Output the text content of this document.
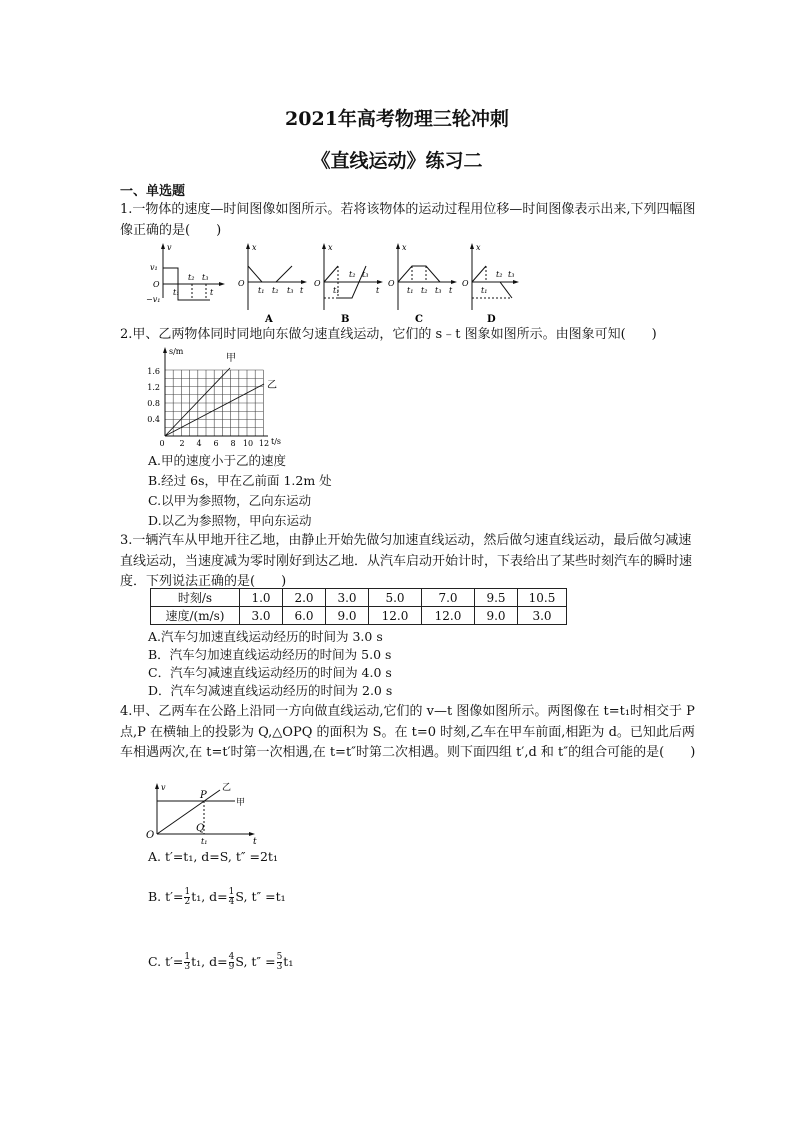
2021年高考物理三轮冲刺
《直线运动》练习二
一、单选题
1.一物体的速度—时间图像如图所示。若将该物体的运动过程用位移—时间图像表示出来,下列四幅图像正确的是(　　)
v
v₁
O
−v₁
t₁
t₂ t₃
t
x
O
t₁ t₂ t₃ t
x
O
t₁
t₂ t₃
t
x
O
t₁ t₂ t₃ t
x
O
t₁
t₂ t₃
A	B	C	D
2.甲、乙两物体同时同地向东做匀速直线运动，它们的 s﹣t 图象如图所示。由图象可知(　　)
s/m
t/s
1.6
1.2
0.8
0.4
0 2 4 6 8 10 12
甲
乙
A.甲的速度小于乙的速度
B.经过 6s，甲在乙前面 1.2m 处
C.以甲为参照物，乙向东运动
D.以乙为参照物，甲向东运动
3.一辆汽车从甲地开往乙地，由静止开始先做匀加速直线运动，然后做匀速直线运动，最后做匀减速直线运动，当速度减为零时刚好到达乙地．从汽车启动开始计时，下表给出了某些时刻汽车的瞬时速度．下列说法正确的是(　　)
时刻/s	1.0	2.0	3.0	5.0	7.0	9.5	10.5
速度/(m/s)	3.0	6.0	9.0	12.0	12.0	9.0	3.0
A.汽车匀加速直线运动经历的时间为 3.0 s
B．汽车匀加速直线运动经历的时间为 5.0 s
C．汽车匀减速直线运动经历的时间为 4.0 s
D．汽车匀减速直线运动经历的时间为 2.0 s
4.甲、乙两车在公路上沿同一方向做直线运动,它们的 v—t 图像如图所示。两图像在 t=t₁时相交于 P 点,P 在横轴上的投影为 Q,△OPQ 的面积为 S。在 t=0 时刻,乙车在甲车前面,相距为 d。已知此后两车相遇两次,在 t=t′时第一次相遇,在 t=t″时第二次相遇。则下面四组 t′,d 和 t″的组合可能的是(　　)
v
O
P
Q
t₁	t
乙
甲
A. t′=t₁, d=S, t″ =2t₁
B. $t'= \frac{1}{2} t_1$, $d= \frac{1}{4} S$, t″ =t₁
C. $t'= \frac{1}{3} t_1$, $d= \frac{4}{9} S$, $t'' = \frac{5}{3} t_1$
